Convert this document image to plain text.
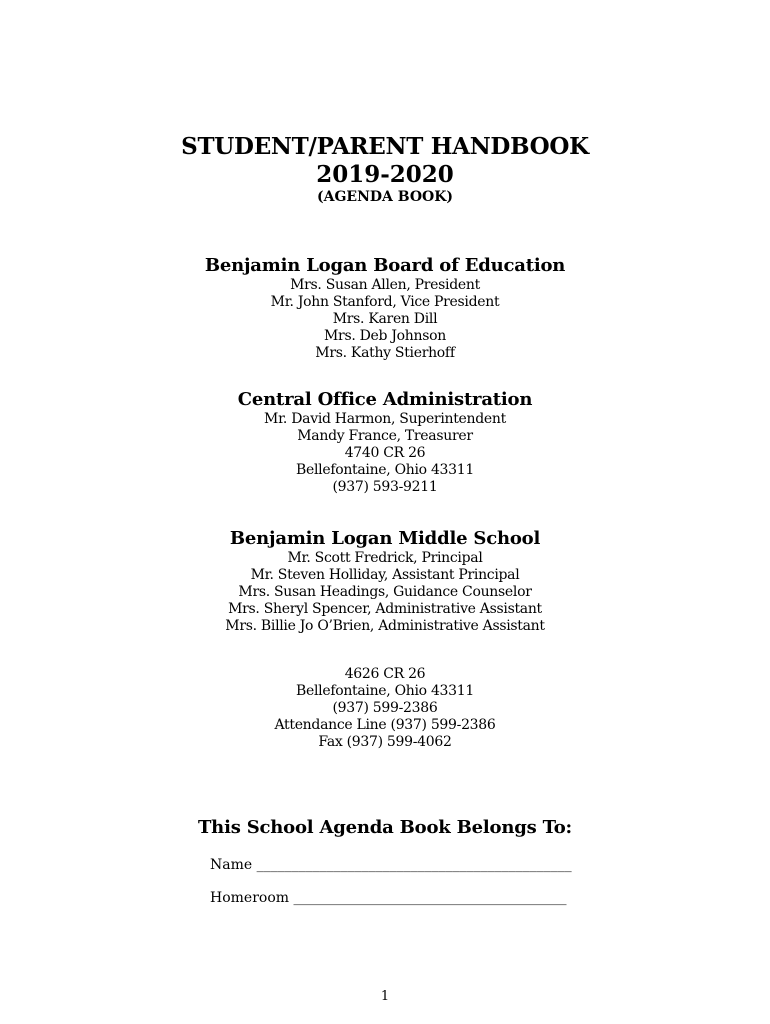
STUDENT/PARENT HANDBOOK
2019-2020
(AGENDA BOOK)
Benjamin Logan Board of Education
Mrs. Susan Allen, President
Mr. John Stanford, Vice President
Mrs. Karen Dill
Mrs. Deb Johnson
Mrs. Kathy Stierhoff
Central Office Administration
Mr. David Harmon, Superintendent
Mandy France, Treasurer
4740 CR 26
Bellefontaine, Ohio 43311
(937) 593-9211
Benjamin Logan Middle School
Mr. Scott Fredrick, Principal
Mr. Steven Holliday, Assistant Principal
Mrs. Susan Headings, Guidance Counselor
Mrs. Sheryl Spencer, Administrative Assistant
Mrs. Billie Jo O’Brien, Administrative Assistant
4626 CR 26
Bellefontaine, Ohio 43311
(937) 599-2386
Attendance Line (937) 599-2386
Fax (937) 599-4062
This School Agenda Book Belongs To:
Name _____________________________________________
Homeroom _______________________________________
1
